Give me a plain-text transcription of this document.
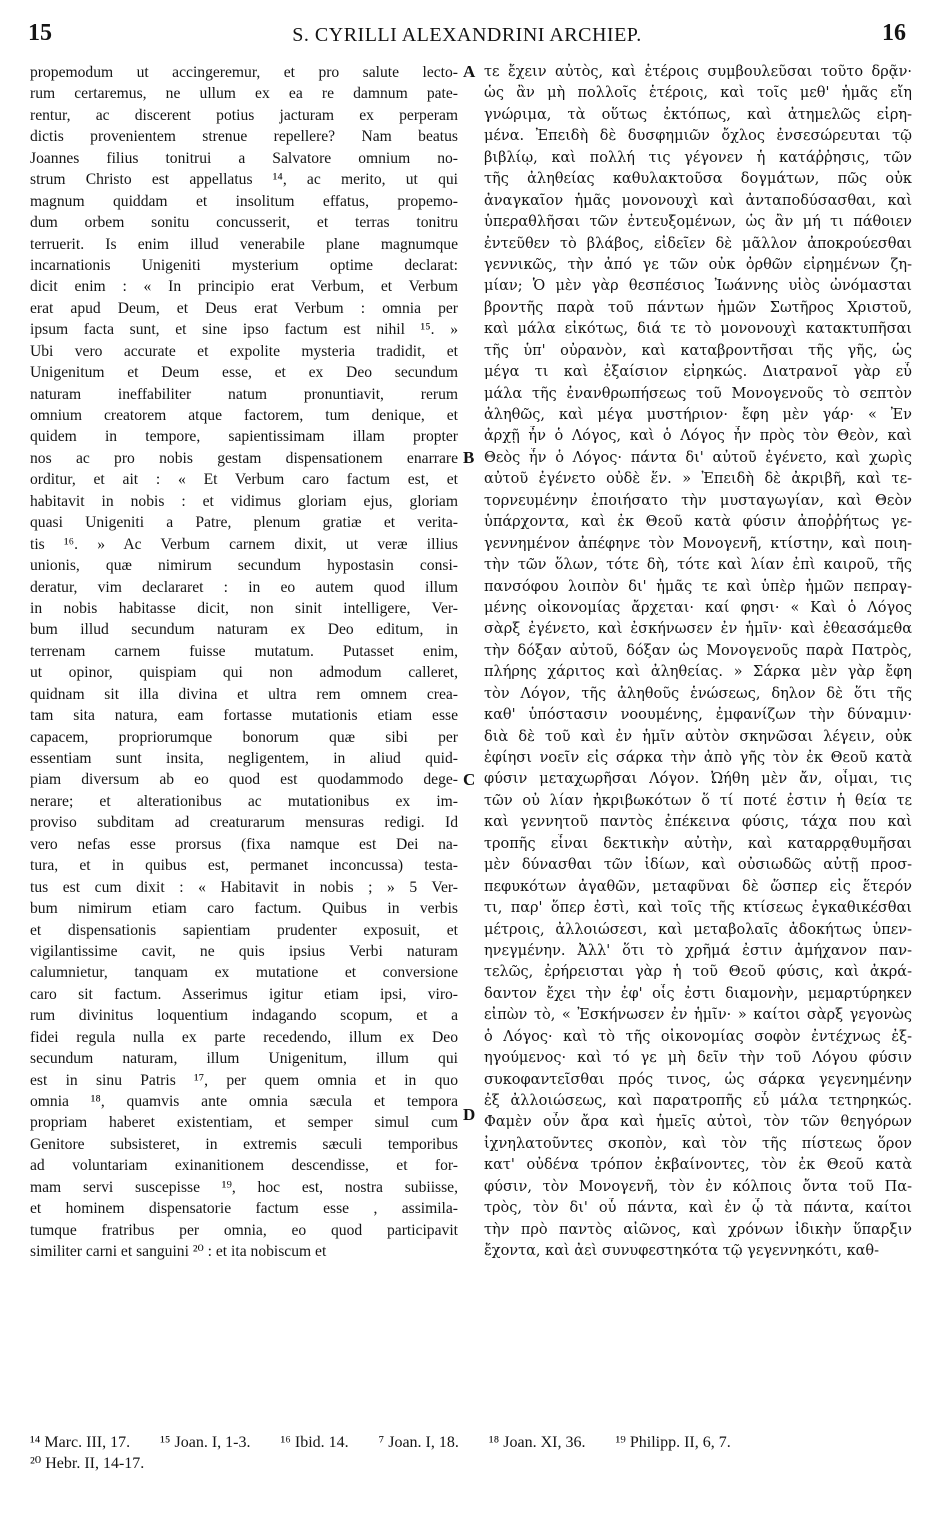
15	S. CYRILLI ALEXANDRINI ARCHIEP.	16
propemodum ut accingeremur, et pro salute lecto-
rum certaremus, ne ullum ex ea re damnum pate-
rentur, ac discerent potius jacturam ex perperam
dictis provenientem strenue repellere? Nam beatus
Joannes filius tonitrui a Salvatore omnium no-
strum Christo est appellatus ¹⁴, ac merito, ut qui
magnum quiddam et insolitum effatus, propemo-
dum orbem sonitu concusserit, et terras tonitru
terruerit. Is enim illud venerabile plane magnumque
incarnationis Unigeniti mysterium optime declarat:
dicit enim : « In principio erat Verbum, et Verbum
erat apud Deum, et Deus erat Verbum : omnia per
ipsum facta sunt, et sine ipso factum est nihil ¹⁵. »
Ubi vero accurate et expolite mysteria tradidit, et
Unigenitum et Deum esse, et ex Deo secundum
naturam ineffabiliter natum pronuntiavit, rerum
omnium creatorem atque factorem, tum denique, et
quidem in tempore, sapientissimam illam propter
nos ac pro nobis gestam dispensationem enarrare
orditur, et ait : « Et Verbum caro factum est, et
habitavit in nobis : et vidimus gloriam ejus, gloriam
quasi Unigeniti a Patre, plenum gratiæ et verita-
tis ¹⁶. » Ac Verbum carnem dixit, ut veræ illius
unionis, quæ nimirum secundum hypostasin consi-
deratur, vim declararet : in eo autem quod illum
in nobis habitasse dicit, non sinit intelligere, Ver-
bum illud secundum naturam ex Deo editum, in
terrenam carnem fuisse mutatum. Putasset enim,
ut opinor, quispiam qui non admodum calleret,
quidnam sit illa divina et ultra rem omnem crea-
tam sita natura, eam fortasse mutationis etiam esse
capacem, propriorumque bonorum quæ sibi per
essentiam sunt insita, negligentem, in aliud quid-
piam diversum ab eo quod est quodammodo dege-
nerare; et alterationibus ac mutationibus ex im-
proviso subditam ad creaturarum mensuras redigi. Id
vero nefas esse prorsus (fixa namque est Dei na-
tura, et in quibus est, permanet inconcussa) testa-
tus est cum dixit : « Habitavit in nobis ; » 5 Ver-
bum nimirum etiam caro factum. Quibus in verbis
et dispensationis sapientiam prudenter exposuit, et
vigilantissime cavit, ne quis ipsius Verbi naturam
calumnietur, tanquam ex mutatione et conversione
caro sit factum. Asserimus igitur etiam ipsi, viro-
rum divinitus loquentium indagando scopum, et a
fidei regula nulla ex parte recedendo, illum ex Deo
secundum naturam, illum Unigenitum, illum qui
est in sinu Patris ¹⁷, per quem omnia et in quo
omnia ¹⁸, quamvis ante omnia sæcula et tempora
propriam haberet existentiam, et semper simul cum
Genitore subsisteret, in extremis sæculi temporibus
ad voluntariam exinanitionem descendisse, et for-
mam servi suscepisse ¹⁹, hoc est, nostra subiisse,
et hominem dispensatorie factum esse , assimila-
tumque fratribus per omnia, eo quod participavit
similiter carni et sanguini ²⁰ : et ita nobiscum et
τε ἔχειν αὐτὸς, καὶ ἑτέροις συμβουλεῦσαι τοῦτο δρᾷν·
ὡς ἂν μὴ πολλοῖς ἑτέροις, καὶ τοῖς μεθ' ἡμᾶς εἴη
γνώριμα, τὰ οὕτως ἐκτόπως, καὶ ἀτημελῶς εἰρη-
μένα. Ἐπειδὴ δὲ δυσφημιῶν ὄχλος ἐνσεσώρευται τῷ
βιβλίῳ, καὶ πολλή τις γέγονεν ἡ κατάῤῥησις, τῶν
τῆς ἀληθείας καθυλακτοῦσα δογμάτων, πῶς οὐκ
ἀναγκαῖον ἡμᾶς μονονουχὶ καὶ ἀνταποδύσασθαι, καὶ
ὑπεραθλῆσαι τῶν ἐντευξομένων, ὡς ἂν μή τι πάθοιεν
ἐντεῦθεν τὸ βλάβος, εἰδεῖεν δὲ μᾶλλον ἀποκρούεσθαι
γεννικῶς, τὴν ἀπό γε τῶν οὐκ ὀρθῶν εἰρημένων ζη-
μίαν; Ὁ μὲν γὰρ θεσπέσιος Ἰωάννης υἱὸς ὠνόμασται
βροντῆς παρὰ τοῦ πάντων ἡμῶν Σωτῆρος Χριστοῦ,
καὶ μάλα εἰκότως, διά τε τὸ μονονουχὶ κατακτυπῆσαι
τῆς ὑπ' οὐρανὸν, καὶ καταβροντῆσαι τῆς γῆς, ὡς
μέγα τι καὶ ἐξαίσιον εἰρηκώς. Διατρανοῖ γὰρ εὖ
μάλα τῆς ἐνανθρωπήσεως τοῦ Μονογενοῦς τὸ σεπτὸν
ἀληθῶς, καὶ μέγα μυστήριον· ἔφη μὲν γάρ· « Ἐν
ἀρχῇ ἦν ὁ Λόγος, καὶ ὁ Λόγος ἦν πρὸς τὸν Θεὸν, καὶ
Θεὸς ἦν ὁ Λόγος· πάντα δι' αὐτοῦ ἐγένετο, καὶ χωρὶς
αὐτοῦ ἐγένετο οὐδὲ ἕν. » Ἐπειδὴ δὲ ἀκριβῆ, καὶ τε-
τορνευμένην ἐποιήσατο τὴν μυσταγωγίαν, καὶ Θεὸν
ὑπάρχοντα, καὶ ἐκ Θεοῦ κατὰ φύσιν ἀποῤῥήτως γε-
γεννημένον ἀπέφηνε τὸν Μονογενῆ, κτίστην, καὶ ποιη-
τὴν τῶν ὅλων, τότε δὴ, τότε καὶ λίαν ἐπὶ καιροῦ, τῆς
πανσόφου λοιπὸν δι' ἡμᾶς τε καὶ ὑπὲρ ἡμῶν πεπραγ-
μένης οἰκονομίας ἄρχεται· καί φησι· « Καὶ ὁ Λόγος
σὰρξ ἐγένετο, καὶ ἐσκήνωσεν ἐν ἡμῖν· καὶ ἐθεασάμεθα
τὴν δόξαν αὐτοῦ, δόξαν ὡς Μονογενοῦς παρὰ Πατρὸς,
πλήρης χάριτος καὶ ἀληθείας. » Σάρκα μὲν γὰρ ἔφη
τὸν Λόγον, τῆς ἀληθοῦς ἑνώσεως, δηλον δὲ ὅτι τῆς
καθ' ὑπόστασιν νοουμένης, ἐμφανίζων τὴν δύναμιν·
διὰ δὲ τοῦ καὶ ἐν ἡμῖν αὐτὸν σκηνῶσαι λέγειν, οὐκ
ἐφίησι νοεῖν εἰς σάρκα τὴν ἀπὸ γῆς τὸν ἐκ Θεοῦ κατὰ
φύσιν μεταχωρῆσαι Λόγον. Ὠήθη μὲν ἄν, οἶμαι, τις
τῶν οὐ λίαν ἠκριβωκότων ὅ τί ποτέ ἐστιν ἡ θεία τε
καὶ γεννητοῦ παντὸς ἐπέκεινα φύσις, τάχα που καὶ
τροπῆς εἶναι δεκτικὴν αὐτὴν, καὶ καταρρᾳθυμῆσαι
μὲν δύνασθαι τῶν ἰδίων, καὶ οὐσιωδῶς αὐτῇ προσ-
πεφυκότων ἀγαθῶν, μεταφῦναι δὲ ὥσπερ εἰς ἕτερόν
τι, παρ' ὅπερ ἐστὶ, καὶ τοῖς τῆς κτίσεως ἐγκαθικέσθαι
μέτροις, ἀλλοιώσεσι, καὶ μεταβολαῖς ἀδοκήτως ὑπεν-
ηνεγμένην. Ἀλλ' ὅτι τὸ χρῆμά ἐστιν ἀμήχανον παν-
τελῶς, ἐρήρεισται γὰρ ἡ τοῦ Θεοῦ φύσις, καὶ ἀκρά-
δαντον ἔχει τὴν ἐφ' οἷς ἐστι διαμονὴν, μεμαρτύρηκεν
εἰπὼν τὸ, « Ἐσκήνωσεν ἐν ἡμῖν· » καίτοι σὰρξ γεγονὼς
ὁ Λόγος· καὶ τὸ τῆς οἰκονομίας σοφὸν ἐντέχνως ἐξ-
ηγούμενος· καὶ τό γε μὴ δεῖν τὴν τοῦ Λόγου φύσιν
συκοφαντεῖσθαι πρός τινος, ὡς σάρκα γεγενημένην
ἐξ ἀλλοιώσεως, καὶ παρατροπῆς εὖ μάλα τετηρηκώς.
Φαμὲν οὖν ἄρα καὶ ἡμεῖς αὐτοὶ, τὸν τῶν θεηγόρων
ἰχνηλατοῦντες σκοπὸν, καὶ τὸν τῆς πίστεως ὅρον
κατ' οὐδένα τρόπον ἐκβαίνοντες, τὸν ἐκ Θεοῦ κατὰ
φύσιν, τὸν Μονογενῆ, τὸν ἐν κόλποις ὄντα τοῦ Πα-
τρὸς, τὸν δι' οὗ πάντα, καὶ ἐν ᾧ τὰ πάντα, καίτοι
τὴν πρὸ παντὸς αἰῶνος, καὶ χρόνων ἰδικὴν ὕπαρξιν
ἔχοντα, καὶ ἀεὶ συνυφεστηκότα τῷ γεγεννηκότι, καθ-
A
B
C
D
¹⁴ Marc. III, 17. ¹⁵ Joan. I, 1-3. ¹⁶ Ibid. 14. ⁷ Joan. I, 18. ¹⁸ Joan. XI, 36. ¹⁹ Philipp. II, 6, 7.
²⁰ Hebr. II, 14-17.
